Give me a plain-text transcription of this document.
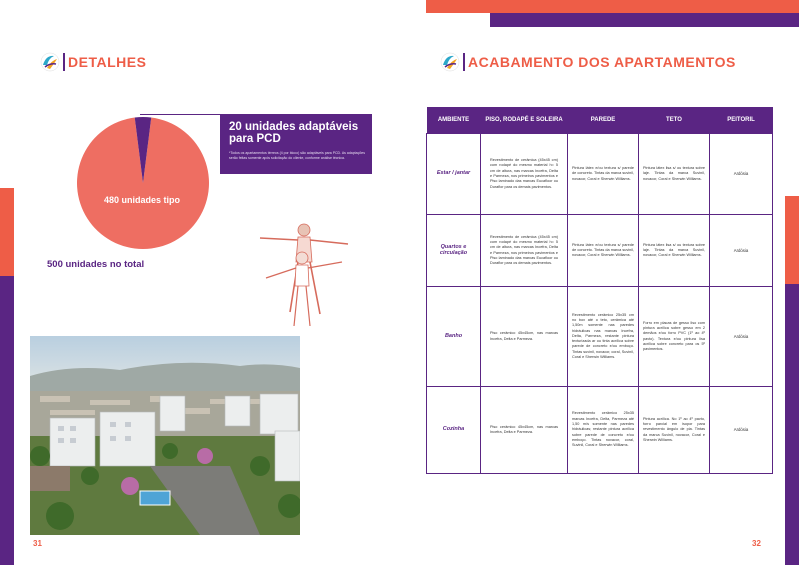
DETALHES
480 unidades tipo
500 unidades no total
20 unidades adaptáveis para PCD
*Todos os apartamentos térreos (4 por bloco) são adaptáveis para PCD. As adaptações serão feitas somente após solicitação do cliente, conforme análise técnica.
31
ACABAMENTO DOS APARTAMENTOS
AMBIENTE	PISO, RODAPÉ E SOLEIRA	PAREDE	TETO	PEITORIL
Estar / jantar	Revestimento de cerâmica (45x45 cm) com rodapé do mesmo material h= 5 cm de altura, nas marcas Incefra, Delta e Parmeza, nos primeiros pavimentos e Piso laminado das marcas Eucafloor ou Duraflor para os demais pavimentos.	Pintura látex e/ou textura s/ parede de concreto. Tintas da marca suvinil, novacor, Coral e Sherwin Williams.	Pintura látex lisa s/ ou textura sobre laje. Tintas da marca Suvinil, novacor, Coral e Sherwin Williams.	Ardósia
Quartos e circulação	Revestimento de cerâmica (45x45 cm) com rodapé do mesmo material h= 5 cm de altura, nas marcas Incefra, Delta e Parmeza, nos primeiros pavimentos e Piso laminado das marcas Eucafloor ou Duraflor para os demais pavimentos.	Pintura látex e/ou textura s/ parede de concreto. Tintas da marca suvinil, novacor, Coral e Sherwin Williams.	Pintura látex lisa s/ ou textura sobre laje. Tintas da marca Suvinil, novacor, Coral e Sherwin Williams.	Ardósia
Banho	Piso cerâmico 45x45cm, nas marcas Incefra, Delta e Parmeza.	Revestimento cerâmico 25x35 cm no box até o teto, cerâmica até 1,50m somente nas paredes hidráulicas nas marcas Incefra, Delta, Parmeza, restante pintura texturizada ar ou tinta acrílica sobre parede de concreto e/ou emboço. Tintas suvinil, novacor, coral, Suvinil, Coral e Sherwin Williams.	Forro em placas de gesso liso com pintura acrílica sobre gesso em 2 demãos e/ou forro PVC (1º ao 4º pavto). Textura e/ou pintura lisa acrílica sobre concreto para os 5º pavimentos.	Ardósia
Cozinha	Piso cerâmico 45x45cm, nas marcas Incefra, Delta e Parmeza.	Revestimento cerâmico 25x35 marcas Incefra, Delta, Parmeza até 1,50 m/s somente nas paredes hidráulicas; restante pintura acrílica sobre parede de concreto e/ou emboço. Tintas novacor, coral, Suvinil, Coral e Sherwin Williams.	Pintura acrílica. No 1º ao 4º pavto, forro parcial em isopor para revestimento ângulo de pia. Tintas da marca Suvinil, novacor, Coral e Sherwin Williams.	Ardósia
32
